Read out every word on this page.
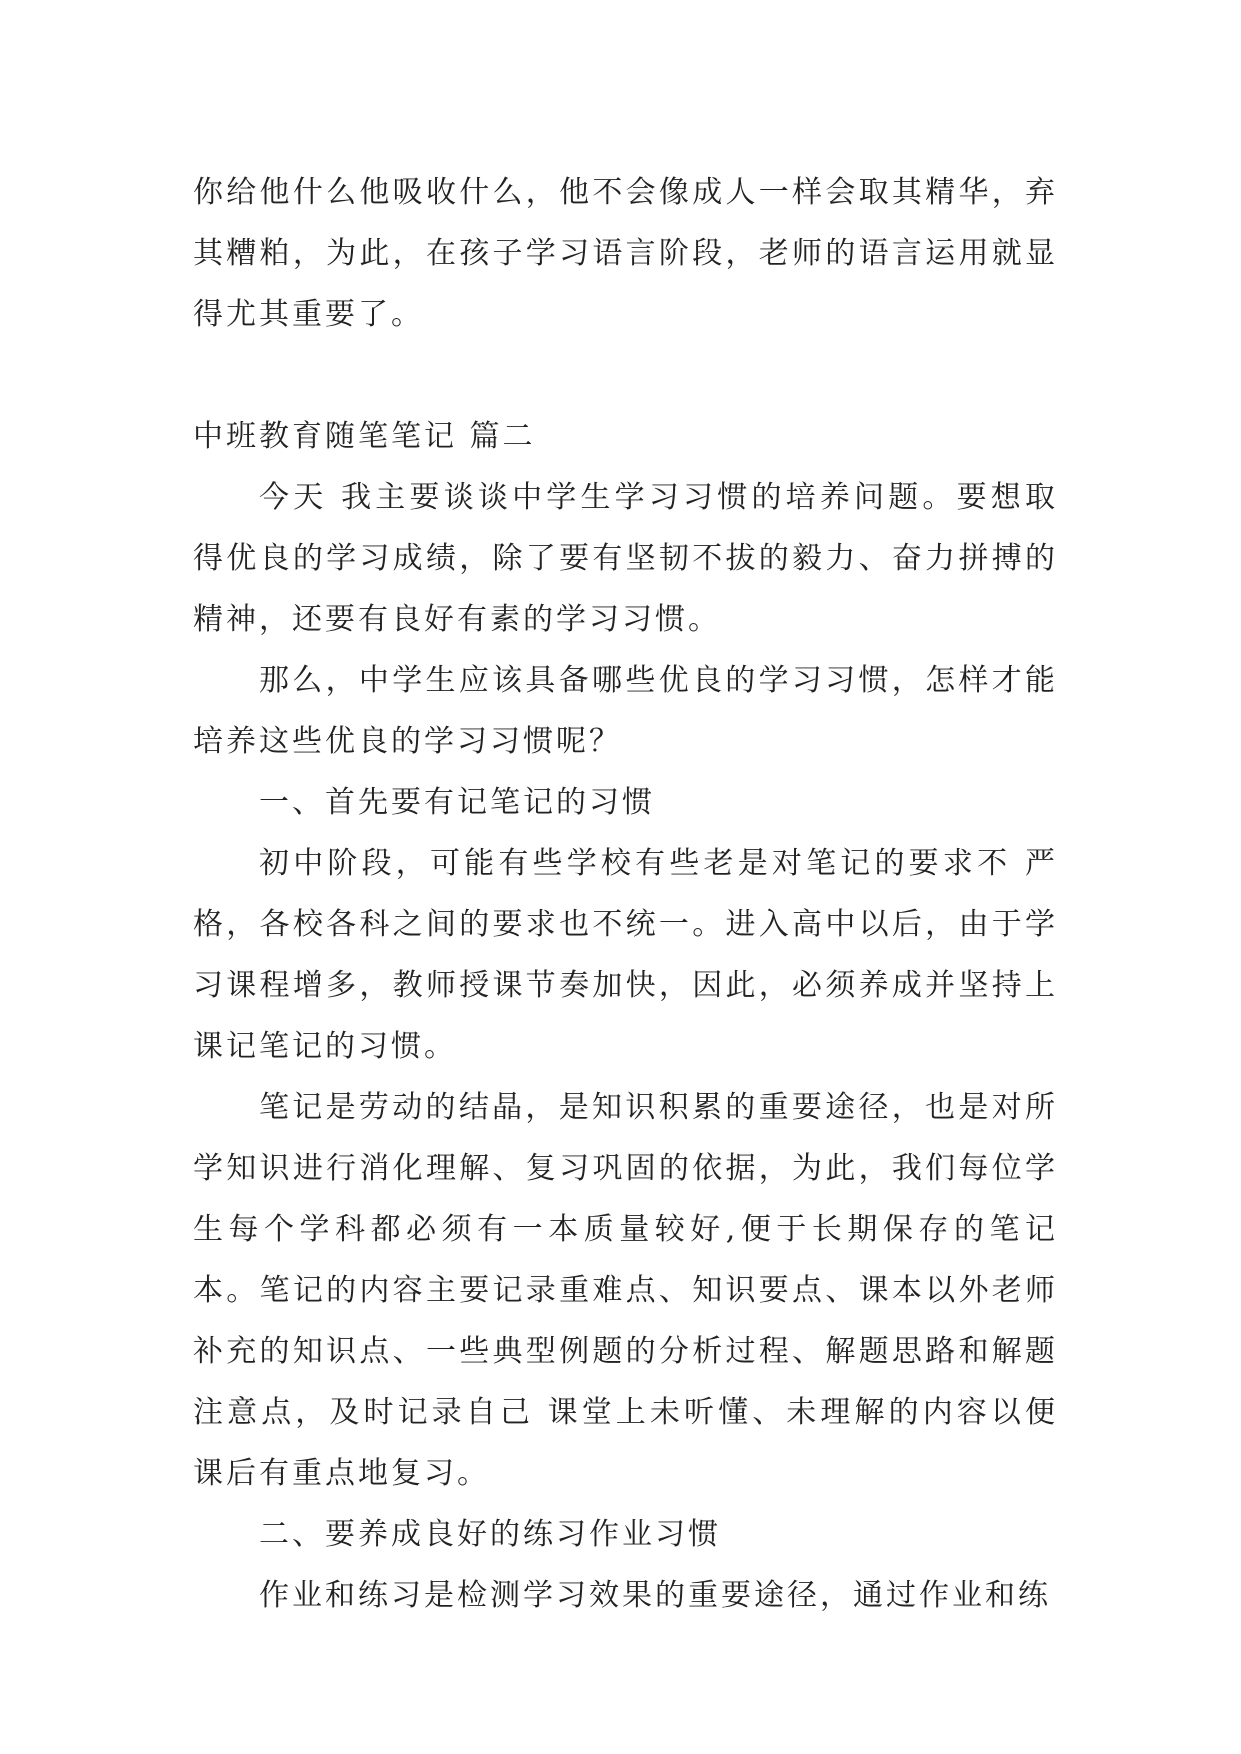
你给他什么他吸收什么，他不会像成人一样会取其精华，弃其糟粕，为此，在孩子学习语言阶段，老师的语言运用就显得尤其重要了。

中班教育随笔笔记 篇二

今天 我主要谈谈中学生学习习惯的培养问题。要想取得优良的学习成绩，除了要有坚韧不拔的毅力、奋力拼搏的精神，还要有良好有素的学习习惯。

那么，中学生应该具备哪些优良的学习习惯，怎样才能培养这些优良的学习习惯呢？

一、首先要有记笔记的习惯

初中阶段，可能有些学校有些老是对笔记的要求不 严格，各校各科之间的要求也不统一。进入高中以后，由于学习课程增多，教师授课节奏加快，因此，必须养成并坚持上课记笔记的习惯。

笔记是劳动的结晶，是知识积累的重要途径，也是对所学知识进行消化理解、复习巩固的依据，为此，我们每位学生每个学科都必须有一本质量较好,便于长期保存的笔记本。笔记的内容主要记录重难点、知识要点、课本以外老师补充的知识点、一些典型例题的分析过程、解题思路和解题注意点，及时记录自己 课堂上未听懂、未理解的内容以便课后有重点地复习。

二、要养成良好的练习作业习惯

作业和练习是检测学习效果的重要途径，通过作业和练
